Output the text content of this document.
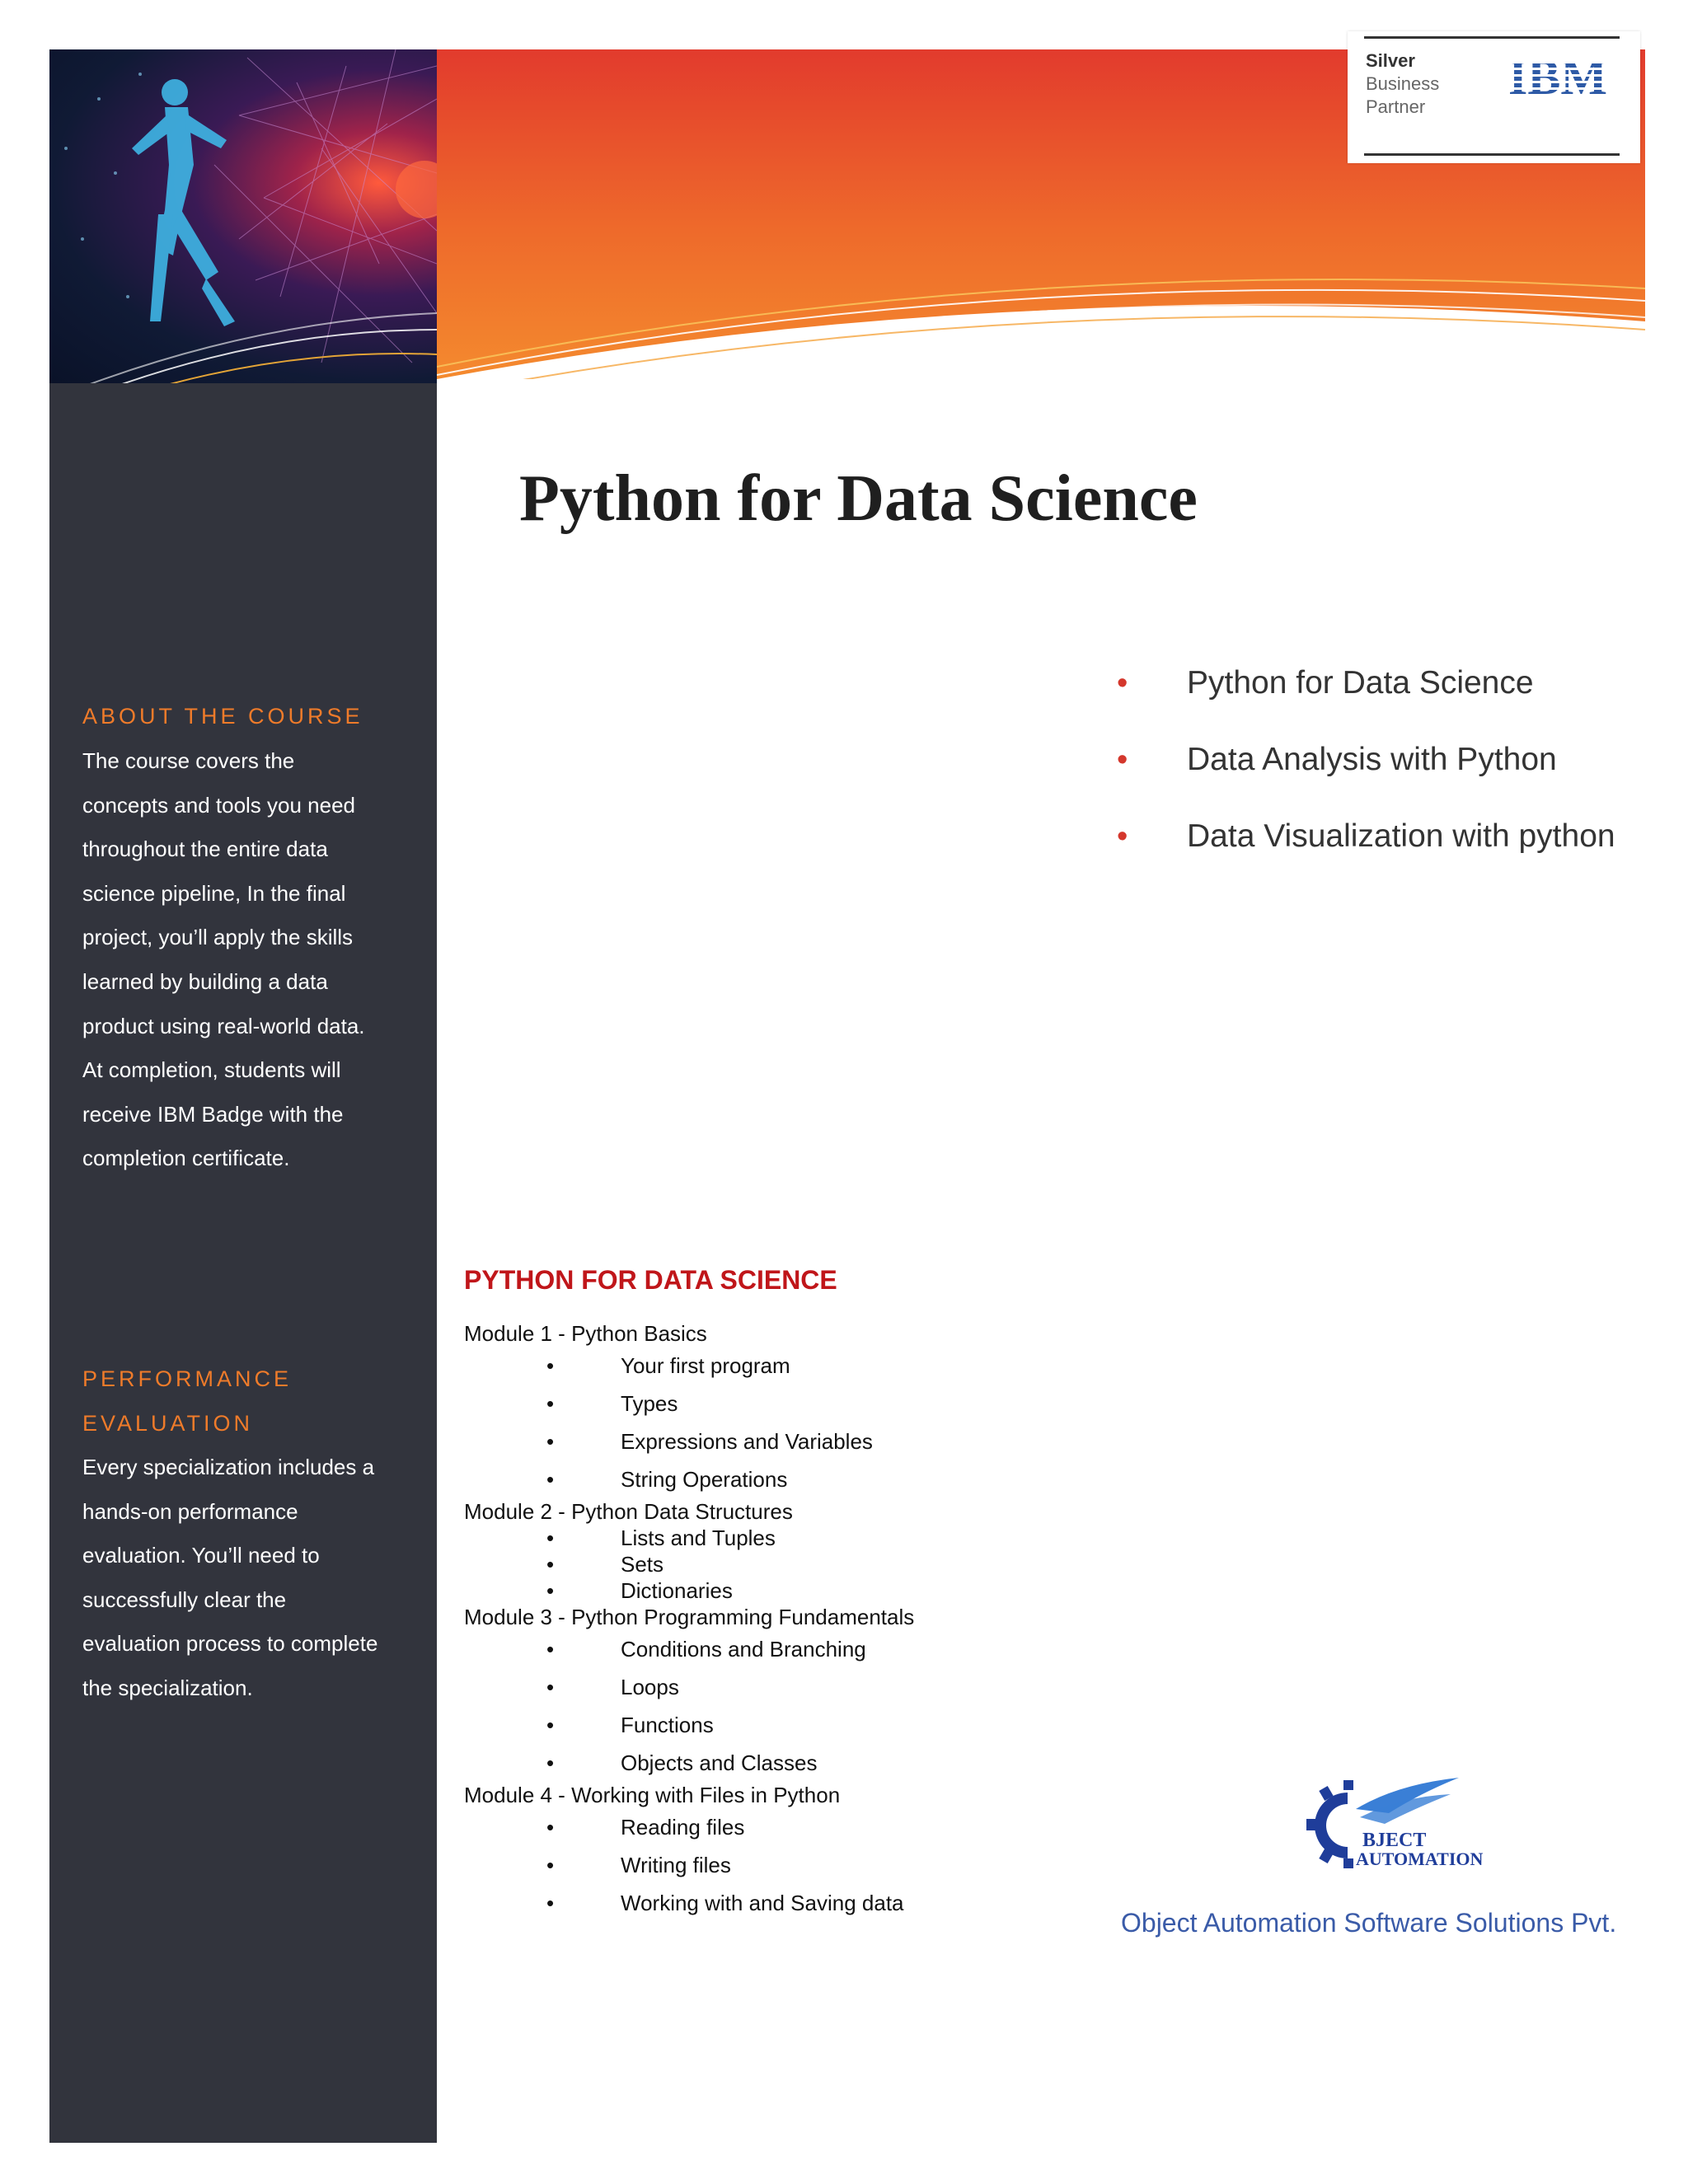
Silver
Business
Partner
ABOUT THE COURSE
The course covers the
concepts and tools you need
throughout the entire data
science pipeline, In the final
project, you’ll apply the skills
learned by building a data
product using real-world data.
At completion, students will
receive IBM Badge with the
completion certificate.
PERFORMANCE
EVALUATION
Every specialization includes a
hands-on performance
evaluation. You’ll need to
successfully clear the
evaluation process to complete
the specialization.
Python for Data Science
• Python for Data Science
• Data Analysis with Python
• Data Visualization with python
PYTHON FOR DATA SCIENCE
Module 1 - Python Basics
•	Your first program
•	Types
•	Expressions and Variables
•	String Operations
Module 2 - Python Data Structures
•	Lists and Tuples
•	Sets
•	Dictionaries
Module 3 - Python Programming Fundamentals
•	Conditions and Branching
•	Loops
•	Functions
•	Objects and Classes
Module 4 - Working with Files in Python
•	Reading files
•	Writing files
•	Working with and Saving data
BJECT
AUTOMATION
Object Automation Software Solutions Pvt.
